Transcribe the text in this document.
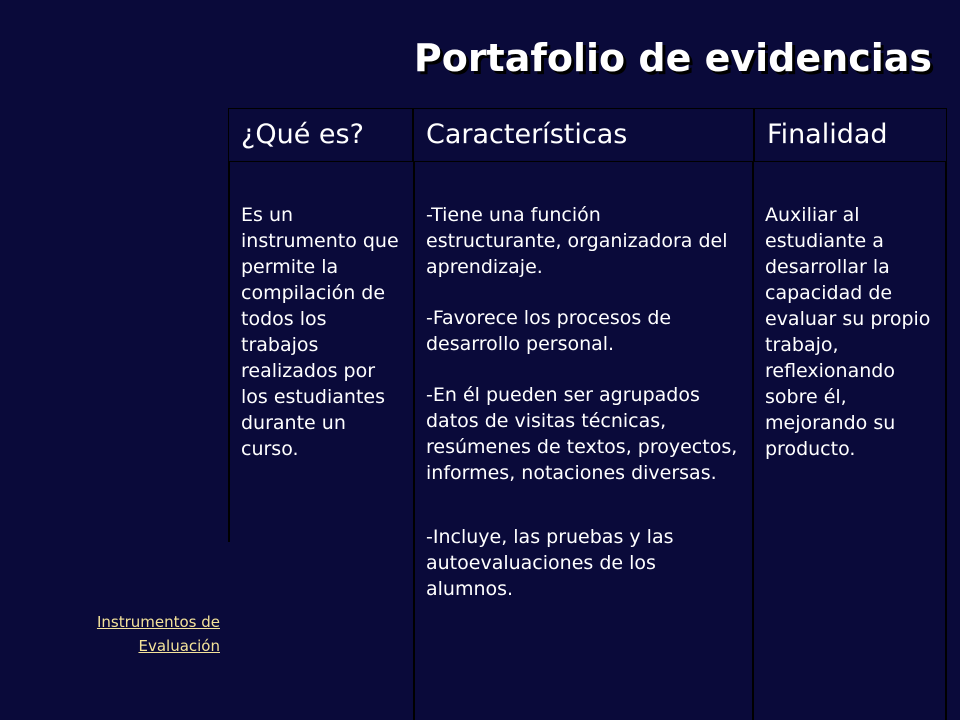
Portafolio de evidencias
¿Qué es?	Características	Finalidad
Es un instrumento que permite la compilación de todos los trabajos realizados por los estudiantes durante un curso.
-Tiene una función estructurante, organizadora del aprendizaje.
-Favorece los procesos de desarrollo personal.
-En él pueden ser agrupados datos de visitas técnicas, resúmenes de textos, proyectos, informes, notaciones diversas.
-Incluye, las pruebas y las autoevaluaciones de los alumnos.
Auxiliar al estudiante a desarrollar la capacidad de evaluar su propio trabajo, reflexionando sobre él, mejorando su producto.
Instrumentos de Evaluación
